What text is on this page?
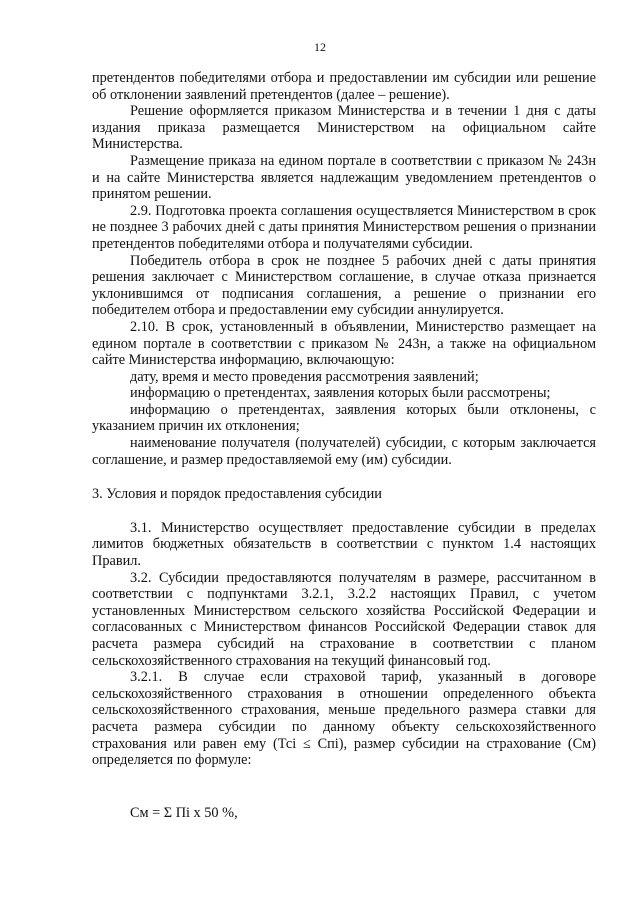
12

претендентов победителями отбора и предоставлении им субсидии или решение об отклонении заявлений претендентов (далее – решение).

Решение оформляется приказом Министерства и в течении 1 дня с даты издания приказа размещается Министерством на официальном сайте Министерства.

Размещение приказа на едином портале в соответствии с приказом № 243н и на сайте Министерства является надлежащим уведомлением претендентов о принятом решении.

2.9. Подготовка проекта соглашения осуществляется Министерством в срок не позднее 3 рабочих дней с даты принятия Министерством решения о признании претендентов победителями отбора и получателями субсидии.

Победитель отбора в срок не позднее 5 рабочих дней с даты принятия решения заключает с Министерством соглашение, в случае отказа признается уклонившимся от подписания соглашения, а решение о признании его победителем отбора и предоставлении ему субсидии аннулируется.

2.10. В срок, установленный в объявлении, Министерство размещает на едином портале в соответствии с приказом № 243н, а также на официальном сайте Министерства информацию, включающую:

дату, время и место проведения рассмотрения заявлений;

информацию о претендентах, заявления которых были рассмотрены;

информацию о претендентах, заявления которых были отклонены, с указанием причин их отклонения;

наименование получателя (получателей) субсидии, с которым заключается соглашение, и размер предоставляемой ему (им) субсидии.

3. Условия и порядок предоставления субсидии

3.1. Министерство осуществляет предоставление субсидии в пределах лимитов бюджетных обязательств в соответствии с пунктом 1.4 настоящих Правил.

3.2. Субсидии предоставляются получателям в размере, рассчитанном в соответствии с подпунктами 3.2.1, 3.2.2 настоящих Правил, с учетом установленных Министерством сельского хозяйства Российской Федерации и согласованных с Министерством финансов Российской Федерации ставок для расчета размера субсидий на страхование в соответствии с планом сельскохозяйственного страхования на текущий финансовый год.

3.2.1. В случае если страховой тариф, указанный в договоре сельскохозяйственного страхования в отношении определенного объекта сельскохозяйственного страхования, меньше предельного размера ставки для расчета размера субсидии по данному объекту сельскохозяйственного страхования или равен ему (Тсi ≤ Спi), размер субсидии на страхование (См) определяется по формуле:

См = Σ Пi x 50 %,
